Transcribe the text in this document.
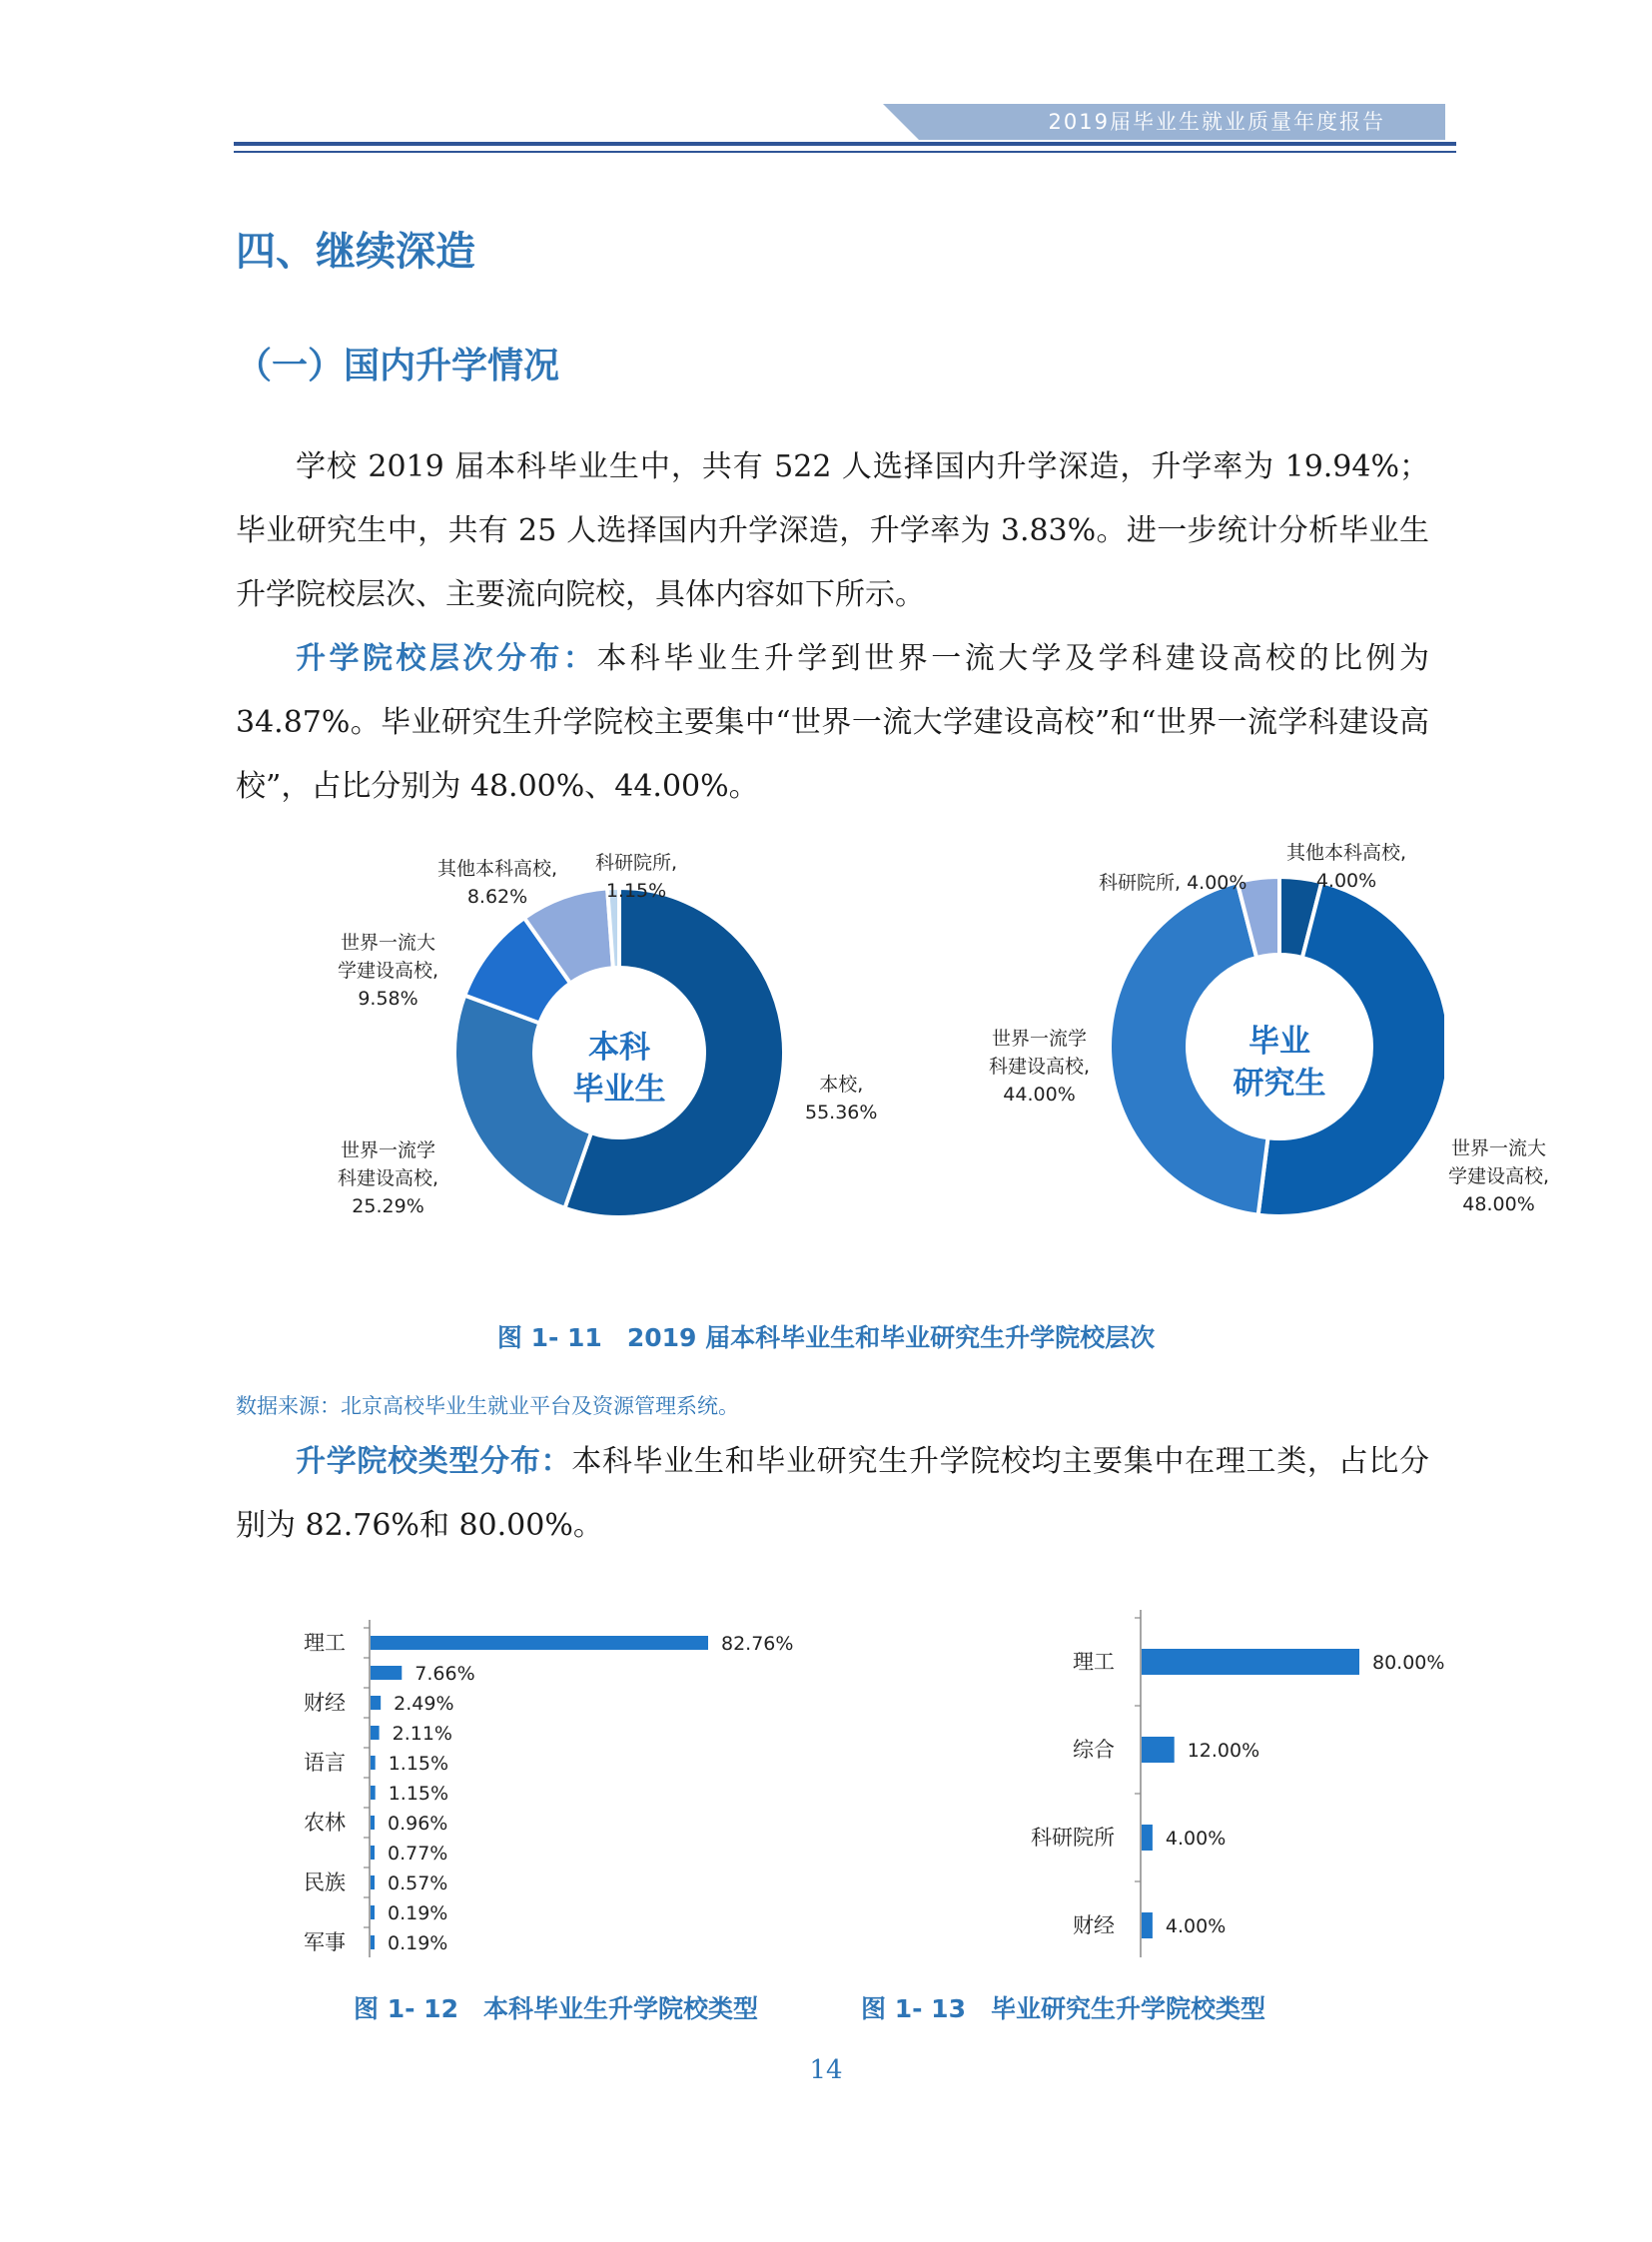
2019届毕业生就业质量年度报告
四、继续深造
（一）国内升学情况
学校 2019 届本科毕业生中，共有 522 人选择国内升学深造，升学率为 19.94%；毕业研究生中，共有 25 人选择国内升学深造，升学率为 3.83%。进一步统计分析毕业生升学院校层次、主要流向院校，具体内容如下所示。
升学院校层次分布：本科毕业生升学到世界一流大学及学科建设高校的比例为 34.87%。毕业研究生升学院校主要集中“世界一流大学建设高校”和“世界一流学科建设高校”，占比分别为 48.00%、44.00%。
其他本科高校,
8.62%
科研院所,
1.15%
世界一流大
学建设高校,
9.58%
本校,
55.36%
世界一流学
科建设高校,
25.29%
本科
毕业生
其他本科高校,
4.00%
科研院所, 4.00%
世界一流学
科建设高校,
44.00%
世界一流大
学建设高校,
48.00%
毕业
研究生
图 1- 11　2019 届本科毕业生和毕业研究生升学院校层次
数据来源：北京高校毕业生就业平台及资源管理系统。
升学院校类型分布：本科毕业生和毕业研究生升学院校均主要集中在理工类，占比分别为 82.76%和 80.00%。
82.76%
理工
7.66%
2.49%
财经
2.11%
1.15%
语言
1.15%
0.96%
农林
0.77%
0.57%
民族
0.19%
0.19%
军事
80.00%
理工
12.00%
综合
4.00%
科研院所
4.00%
财经
图 1- 12　本科毕业生升学院校类型	图 1- 13　毕业研究生升学院校类型
14
